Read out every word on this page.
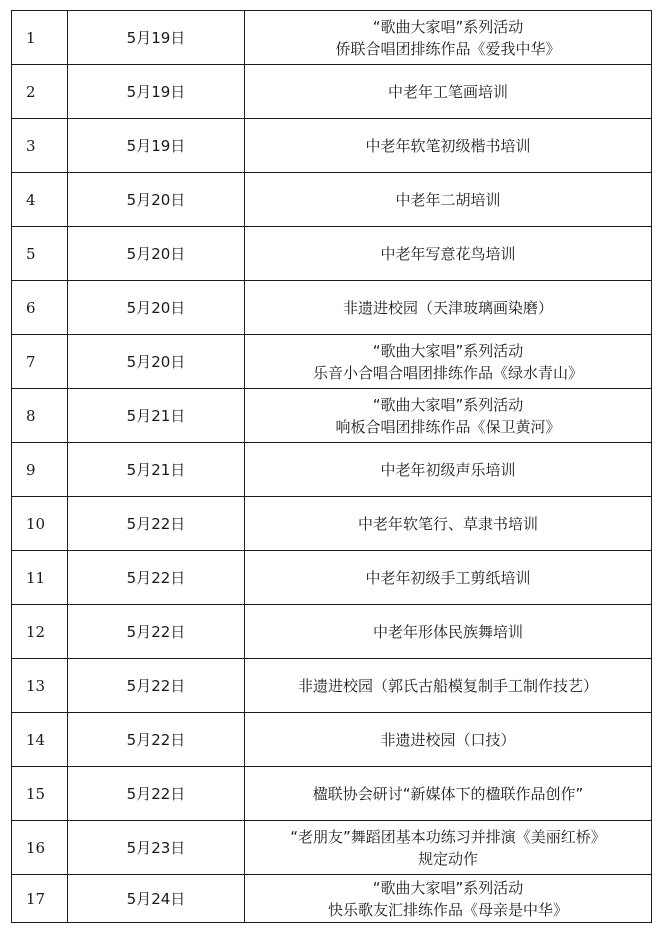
1	5月19日	“歌曲大家唱”系列活动
侨联合唱团排练作品《爱我中华》

2	5月19日	中老年工笔画培训

3	5月19日	中老年软笔初级楷书培训

4	5月20日	中老年二胡培训

5	5月20日	中老年写意花鸟培训

6	5月20日	非遗进校园（天津玻璃画染磨）

7	5月20日	“歌曲大家唱”系列活动
乐音小合唱合唱团排练作品《绿水青山》

8	5月21日	“歌曲大家唱”系列活动
响板合唱团排练作品《保卫黄河》

9	5月21日	中老年初级声乐培训

10	5月22日	中老年软笔行、草隶书培训

11	5月22日	中老年初级手工剪纸培训

12	5月22日	中老年形体民族舞培训

13	5月22日	非遗进校园（郭氏古船模复制手工制作技艺）

14	5月22日	非遗进校园（口技）

15	5月22日	楹联协会研讨“新媒体下的楹联作品创作”

16	5月23日	“老朋友”舞蹈团基本功练习并排演《美丽红桥》
规定动作

17	5月24日	“歌曲大家唱”系列活动
快乐歌友汇排练作品《母亲是中华》
